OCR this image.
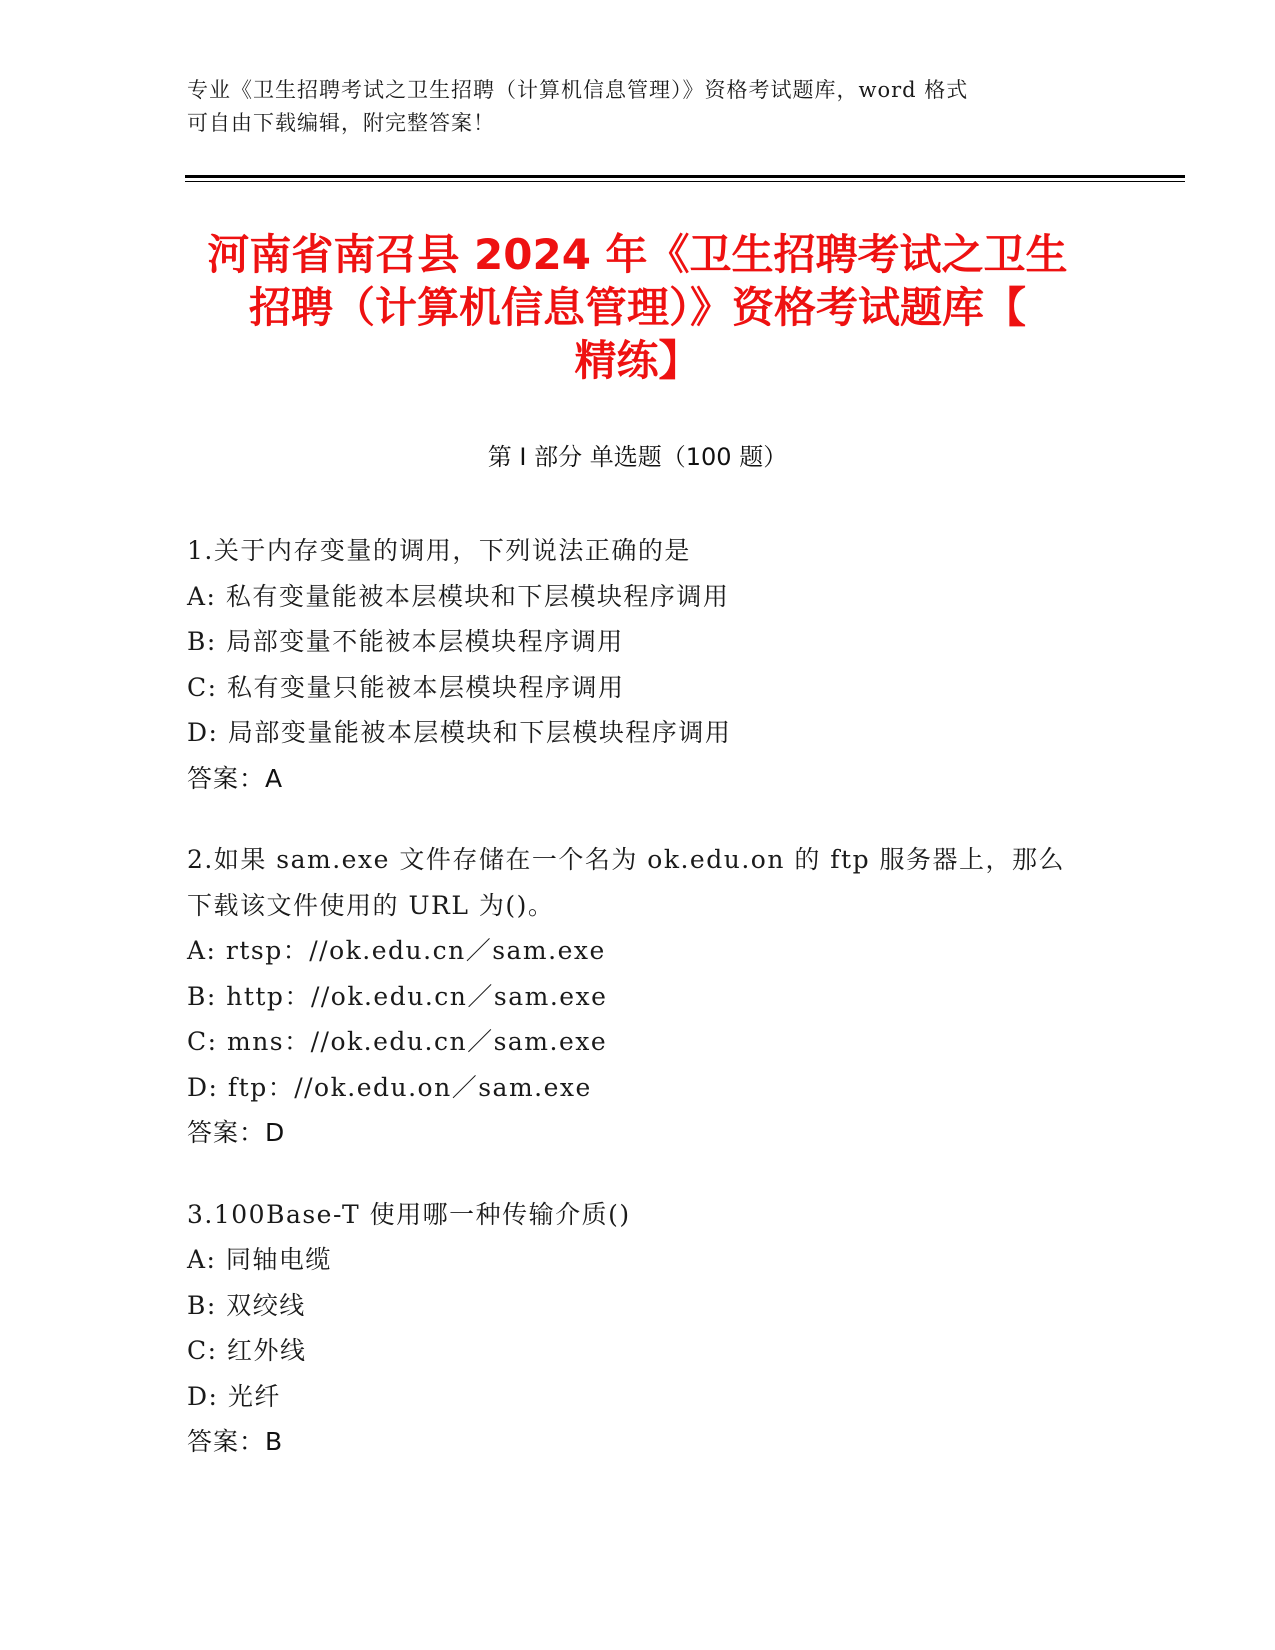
专业《卫生招聘考试之卫生招聘（计算机信息管理）》资格考试题库，word 格式
可自由下载编辑，附完整答案！
河南省南召县 2024 年《卫生招聘考试之卫生
招聘（计算机信息管理）》资格考试题库【
精练】
第 I 部分 单选题（100 题）
1.关于内存变量的调用，下列说法正确的是
A: 私有变量能被本层模块和下层模块程序调用
B: 局部变量不能被本层模块程序调用
C: 私有变量只能被本层模块程序调用
D: 局部变量能被本层模块和下层模块程序调用
答案：A
2.如果 sam.exe 文件存储在一个名为 ok.edu.on 的 ftp 服务器上，那么下载该文件使用的 URL 为()。
A: rtsp：//ok.edu.cn／sam.exe
B: http：//ok.edu.cn／sam.exe
C: mns：//ok.edu.cn／sam.exe
D: ftp：//ok.edu.on／sam.exe
答案：D
3.100Base-T 使用哪一种传输介质()
A: 同轴电缆
B: 双绞线
C: 红外线
D: 光纤
答案：B
